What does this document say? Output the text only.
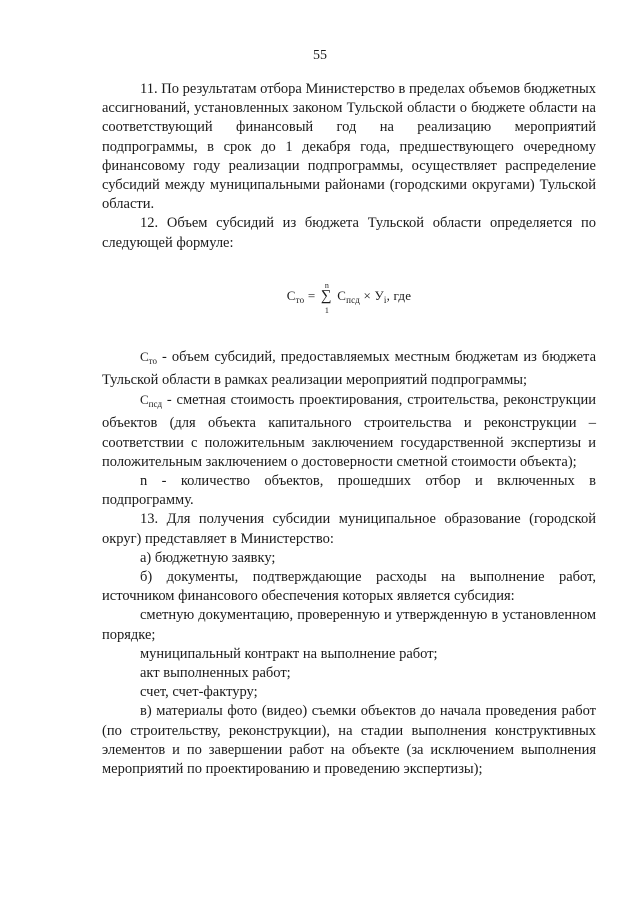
55

11. По результатам отбора Министерство в пределах объемов бюджетных ассигнований, установленных законом Тульской области о бюджете области на соответствующий финансовый год на реализацию мероприятий подпрограммы, в срок до 1 декабря года, предшествующего очередному финансовому году реализации подпрограммы, осуществляет распределение субсидий между муниципальными районами (городскими округами) Тульской области.

12. Объем субсидий из бюджета Тульской области определяется по следующей формуле:

$С_{то}$ = ∑
n
1
$С_{псд} \times У_i$, где

$С_{то}$ - объем субсидий, предоставляемых местным бюджетам из бюджета Тульской области в рамках реализации мероприятий подпрограммы;

$С_{псд}$ - сметная стоимость проектирования, строительства, реконструкции объектов (для объекта капитального строительства и реконструкции – соответствии с положительным заключением государственной экспертизы и положительным заключением о достоверности сметной стоимости объекта);

n - количество объектов, прошедших отбор и включенных в подпрограмму.

13. Для получения субсидии муниципальное образование (городской округ) представляет в Министерство:

а) бюджетную заявку;

б) документы, подтверждающие расходы на выполнение работ, источником финансового обеспечения которых является субсидия:

сметную документацию, проверенную и утвержденную в установленном порядке;

муниципальный контракт на выполнение работ;

акт выполненных работ;

счет, счет-фактуру;

в) материалы фото (видео) съемки объектов до начала проведения работ (по строительству, реконструкции), на стадии выполнения конструктивных элементов и по завершении работ на объекте (за исключением выполнения мероприятий по проектированию и проведению экспертизы);
